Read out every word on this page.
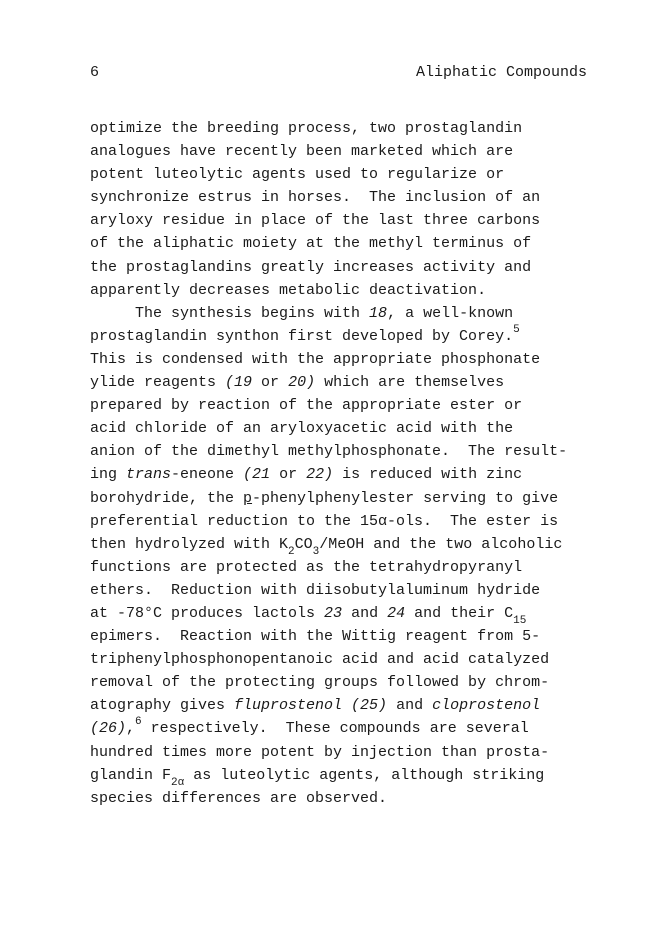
6	Aliphatic Compounds
optimize the breeding process, two prostaglandin
analogues have recently been marketed which are
potent luteolytic agents used to regularize or
synchronize estrus in horses.  The inclusion of an
aryloxy residue in place of the last three carbons
of the aliphatic moiety at the methyl terminus of
the prostaglandins greatly increases activity and
apparently decreases metabolic deactivation.
The synthesis begins with 18, a well-known
prostaglandin synthon first developed by Corey.$^5$
This is condensed with the appropriate phosphonate
ylide reagents (19 or 20) which are themselves
prepared by reaction of the appropriate ester or
acid chloride of an aryloxyacetic acid with the
anion of the dimethyl methylphosphonate.  The result-
ing trans-eneone (21 or 22) is reduced with zinc
borohydride, the p-phenylphenylester serving to give
preferential reduction to the 15α-ols.  The ester is
then hydrolyzed with $K_2CO_3$/MeOH and the two alcoholic
functions are protected as the tetrahydropyranyl
ethers.  Reduction with diisobutylaluminum hydride
at -78°C produces lactols 23 and 24 and their $C_{15}$
epimers.  Reaction with the Wittig reagent from 5-
triphenylphosphonopentanoic acid and acid catalyzed
removal of the protecting groups followed by chrom-
atography gives fluprostenol (25) and cloprostenol
(26),$^6$ respectively.  These compounds are several
hundred times more potent by injection than prosta-
glandin $F_{2\alpha}$ as luteolytic agents, although striking
species differences are observed.
